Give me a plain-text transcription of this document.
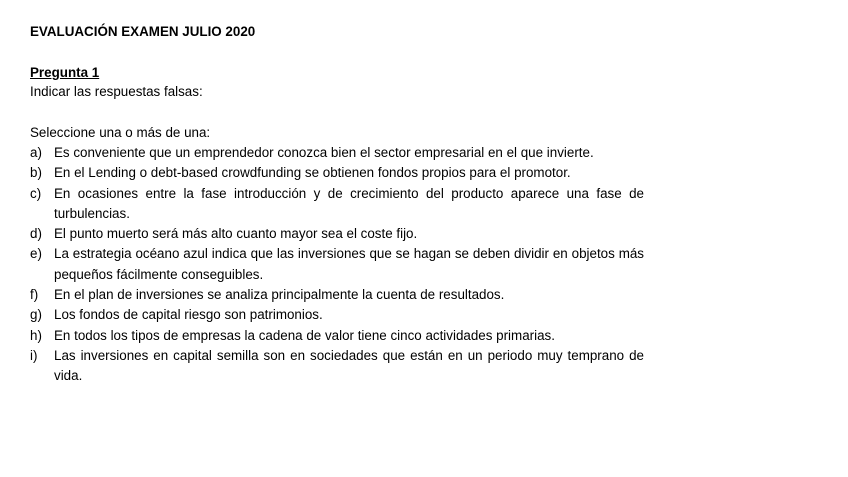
EVALUACIÓN EXAMEN JULIO 2020

Pregunta 1

Indicar las respuestas falsas:

Seleccione una o más de una:

a) Es conveniente que un emprendedor conozca bien el sector empresarial en el que invierte.
b) En el Lending o debt-based crowdfunding se obtienen fondos propios para el promotor.
c) En ocasiones entre la fase introducción y de crecimiento del producto aparece una fase de turbulencias.
d) El punto muerto será más alto cuanto mayor sea el coste fijo.
e) La estrategia océano azul indica que las inversiones que se hagan se deben dividir en objetos más pequeños fácilmente conseguibles.
f)	En el plan de inversiones se analiza principalmente la cuenta de resultados.
g) Los fondos de capital riesgo son patrimonios.
h) En todos los tipos de empresas la cadena de valor tiene cinco actividades primarias.
i)	Las inversiones en capital semilla son en sociedades que están en un periodo muy temprano de vida.
